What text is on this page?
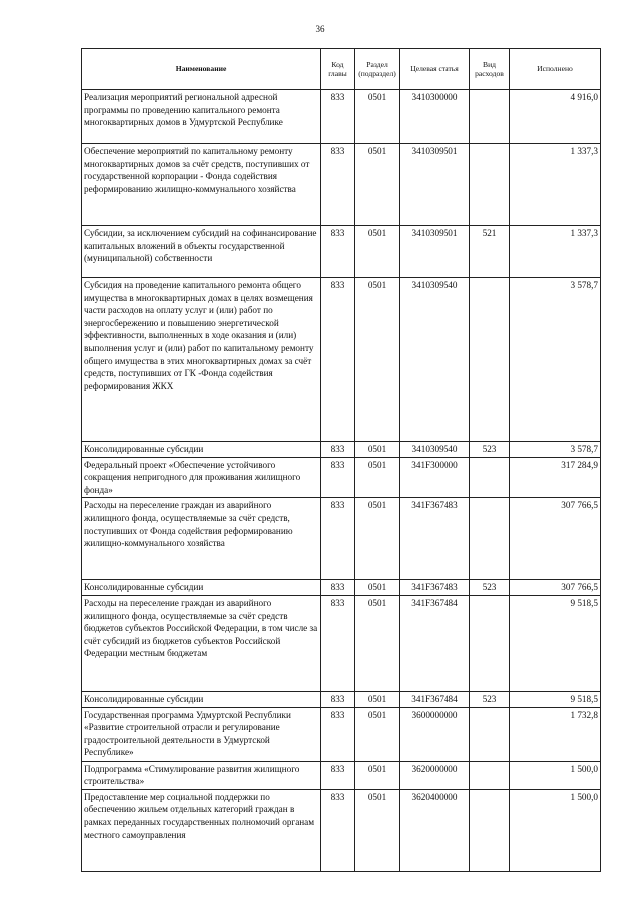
36
Наименование	Код главы	Раздел (подраздел)	Целевая статья	Вид расходов	Исполнено
Реализация мероприятий региональной адресной программы по проведению капитального ремонта многоквартирных домов в Удмуртской Республике	833	0501	3410300000		4 916,0
Обеспечение мероприятий по капитальному ремонту многоквартирных домов за счёт средств, поступивших от государственной корпорации - Фонда содействия реформированию жилищно-коммунального хозяйства	833	0501	3410309501		1 337,3
Субсидии, за исключением субсидий на софинансирование капитальных вложений в объекты государственной (муниципальной) собственности	833	0501	3410309501	521	1 337,3
Субсидия на проведение капитального ремонта общего имущества в многоквартирных домах в целях возмещения части расходов на оплату услуг и (или) работ по энергосбережению и повышению энергетической эффективности, выполненных в ходе оказания и (или) выполнения услуг и (или) работ по капитальному ремонту общего имущества в этих многоквартирных домах за счёт средств, поступивших от ГК -Фонда содействия реформирования ЖКХ	833	0501	3410309540		3 578,7
Консолидированные субсидии	833	0501	3410309540	523	3 578,7
Федеральный проект «Обеспечение устойчивого сокращения непригодного для проживания жилищного фонда»	833	0501	341F300000		317 284,9
Расходы на переселение граждан из аварийного жилищного фонда, осуществляемые за счёт средств, поступивших от Фонда содействия реформированию жилищно-коммунального хозяйства	833	0501	341F367483		307 766,5
Консолидированные субсидии	833	0501	341F367483	523	307 766,5
Расходы на переселение граждан из аварийного жилищного фонда, осуществляемые за счёт средств бюджетов субъектов Российской Федерации, в том числе за счёт субсидий из бюджетов субъектов Российской Федерации местным бюджетам	833	0501	341F367484		9 518,5
Консолидированные субсидии	833	0501	341F367484	523	9 518,5
Государственная программа Удмуртской Республики «Развитие строительной отрасли и регулирование градостроительной деятельности в Удмуртской Республике»	833	0501	3600000000		1 732,8
Подпрограмма «Стимулирование развития жилищного строительства»	833	0501	3620000000		1 500,0
Предоставление мер социальной поддержки по обеспечению жильем отдельных категорий граждан в рамках переданных государственных полномочий органам местного самоуправления	833	0501	3620400000		1 500,0
